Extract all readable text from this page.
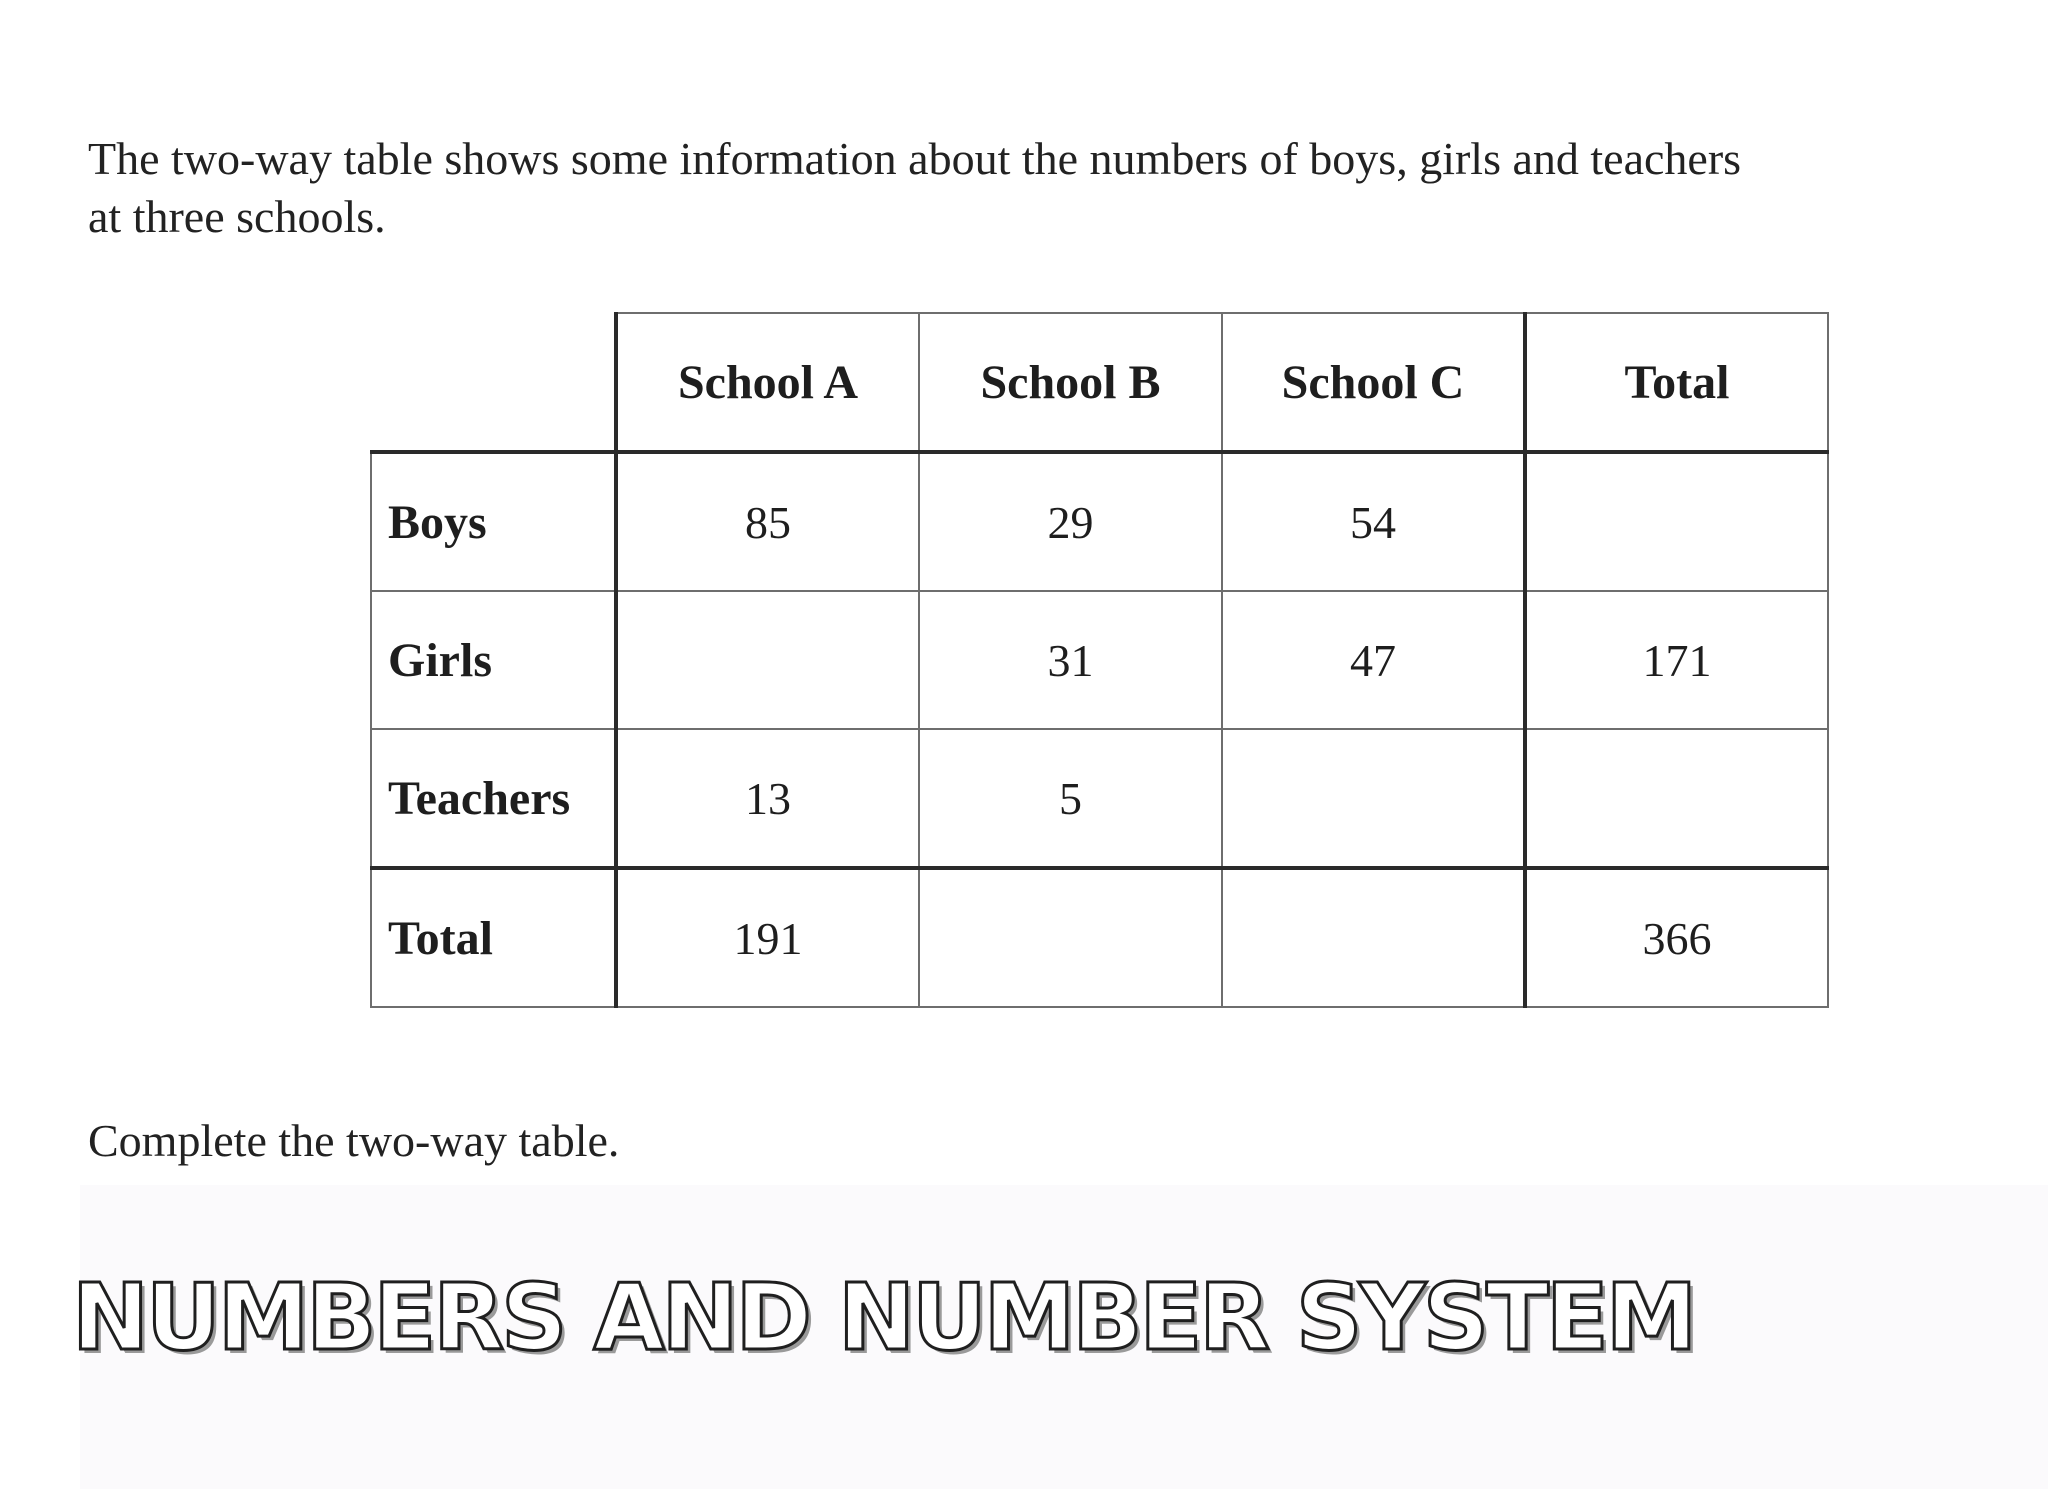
The two-way table shows some information about the numbers of boys, girls and teachers
at three schools.
	School A	School B	School C	Total
Boys	85	29	54	
Girls		31	47	171
Teachers	13	5		
Total	191			366
Complete the two-way table.
NUMBERS AND NUMBER SYSTEM
